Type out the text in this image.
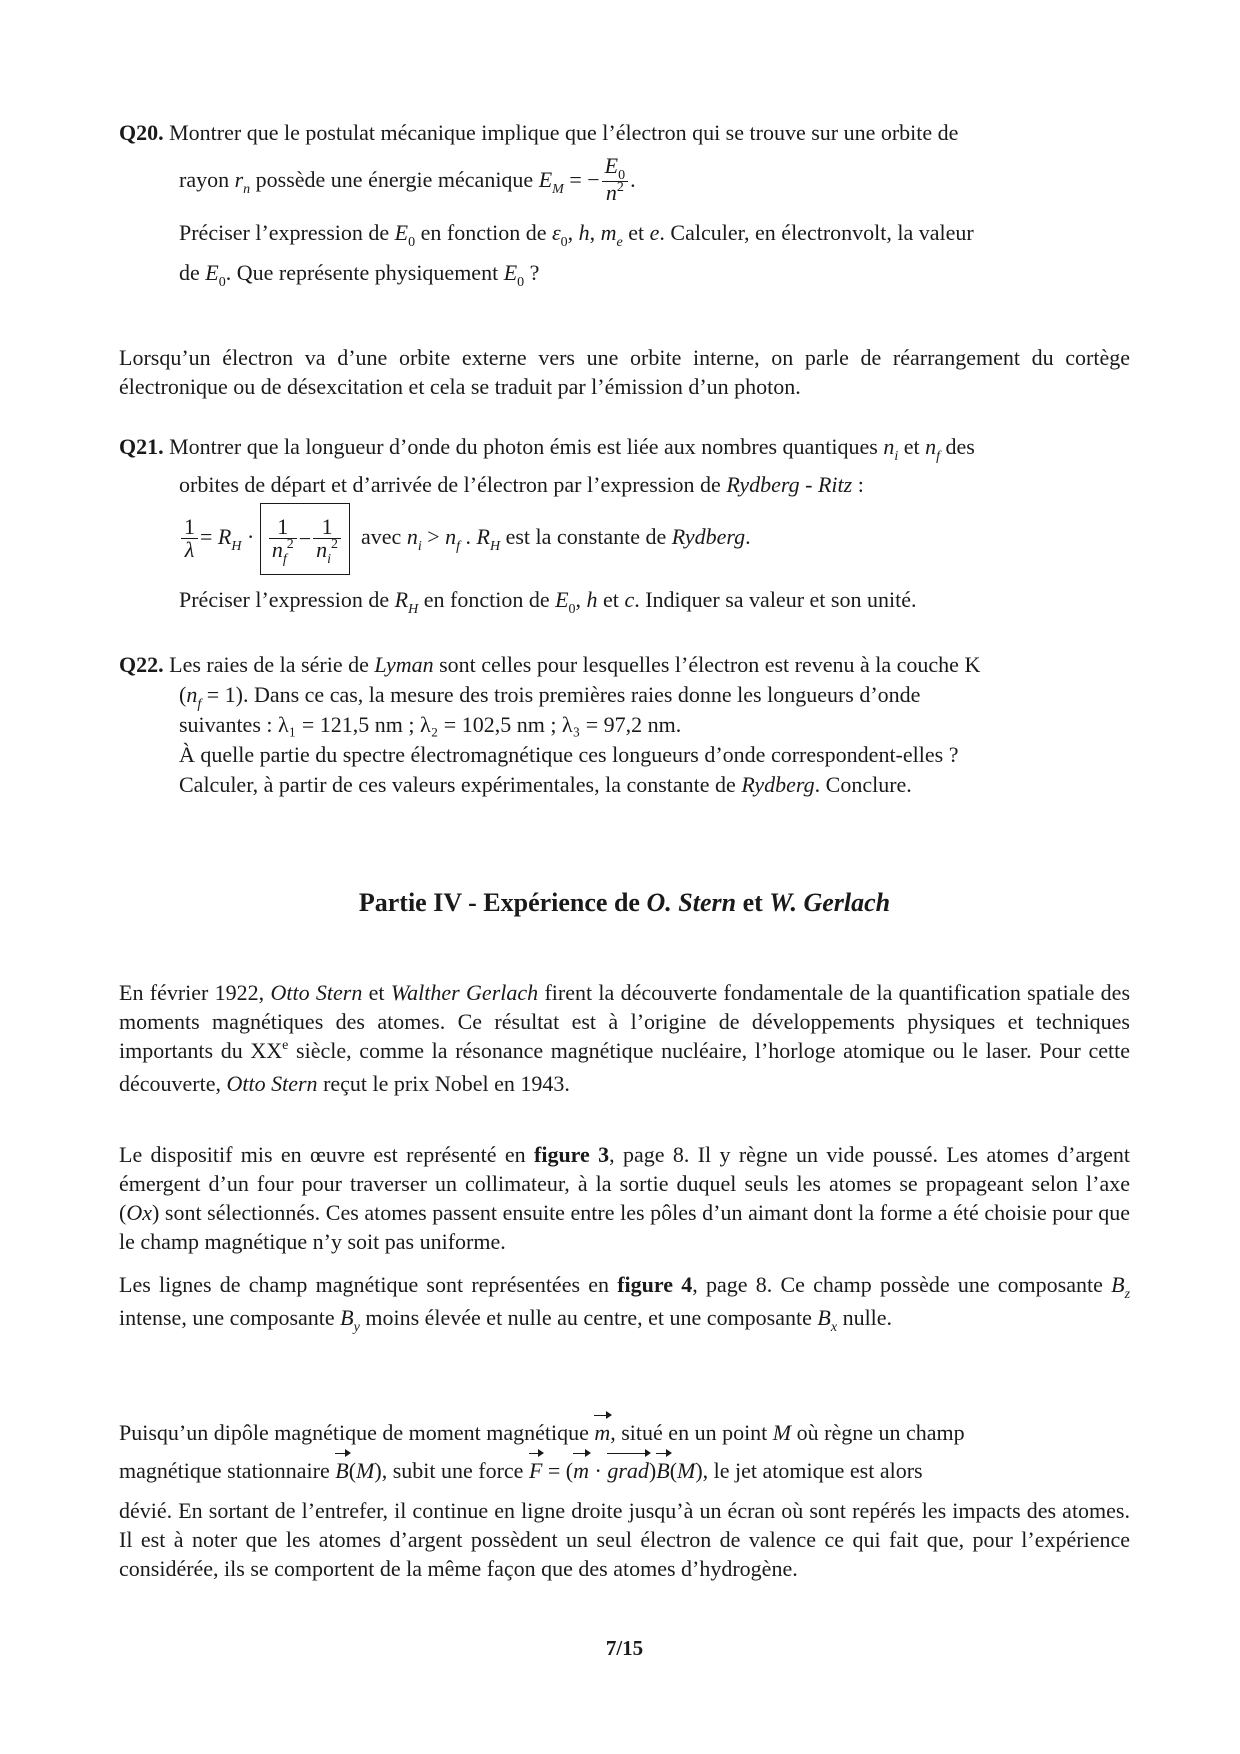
Q20. Montrer que le postulat mécanique implique que l’électron qui se trouve sur une orbite de
rayon $r_n$ possède une énergie mécanique $E_M$ = − $\frac{E_0}{n^2}$ .
Préciser l’expression de $E_0$ en fonction de $\varepsilon_0$, h, $m_e$ et e. Calculer, en électronvolt, la valeur
de $E_0$. Que représente physiquement $E_0$ ?
Lorsqu’un électron va d’une orbite externe vers une orbite interne, on parle de réarrangement du cortège électronique ou de désexcitation et cela se traduit par l’émission d’un photon.
Q21. Montrer que la longueur d’onde du photon émis est liée aux nombres quantiques $n_i$ et $n_f$ des
orbites de départ et d’arrivée de l’électron par l’expression de Rydberg - Ritz :
$\frac{1}{\lambda} = R_H \cdot \frac{1}{n_f^2} - \frac{1}{n_i^2}$ avec $n_i > n_f$ . $R_H$ est la constante de Rydberg.
Préciser l’expression de $R_H$ en fonction de $E_0$, h et c. Indiquer sa valeur et son unité.
Q22. Les raies de la série de Lyman sont celles pour lesquelles l’électron est revenu à la couche K
$(n_f = 1)$. Dans ce cas, la mesure des trois premières raies donne les longueurs d’onde
suivantes : λ₁ = 121,5 nm ; λ₂ = 102,5 nm ; λ₃ = 97,2 nm.
À quelle partie du spectre électromagnétique ces longueurs d’onde correspondent-elles ?
Calculer, à partir de ces valeurs expérimentales, la constante de Rydberg. Conclure.
Partie IV - Expérience de O. Stern et W. Gerlach
En février 1922, Otto Stern et Walther Gerlach firent la découverte fondamentale de la quantification spatiale des moments magnétiques des atomes. Ce résultat est à l’origine de développements physiques et techniques importants du XXe siècle, comme la résonance magnétique nucléaire, l’horloge atomique ou le laser. Pour cette découverte, Otto Stern reçut le prix Nobel en 1943.
Le dispositif mis en œuvre est représenté en figure 3, page 8. Il y règne un vide poussé. Les atomes d’argent émergent d’un four pour traverser un collimateur, à la sortie duquel seuls les atomes se propageant selon l’axe (Ox) sont sélectionnés. Ces atomes passent ensuite entre les pôles d’un aimant dont la forme a été choisie pour que le champ magnétique n’y soit pas uniforme.
Les lignes de champ magnétique sont représentées en figure 4, page 8. Ce champ possède une composante $B_z$ intense, une composante $B_y$ moins élevée et nulle au centre, et une composante $B_x$ nulle.
Puisqu’un dipôle magnétique de moment magnétique m, situé en un point M où règne un champ
magnétique stationnaire B(M), subit une force F = (m · grad)B(M), le jet atomique est alors
dévié. En sortant de l’entrefer, il continue en ligne droite jusqu’à un écran où sont repérés les impacts des atomes. Il est à noter que les atomes d’argent possèdent un seul électron de valence ce qui fait que, pour l’expérience considérée, ils se comportent de la même façon que des atomes d’hydrogène.
7/15
